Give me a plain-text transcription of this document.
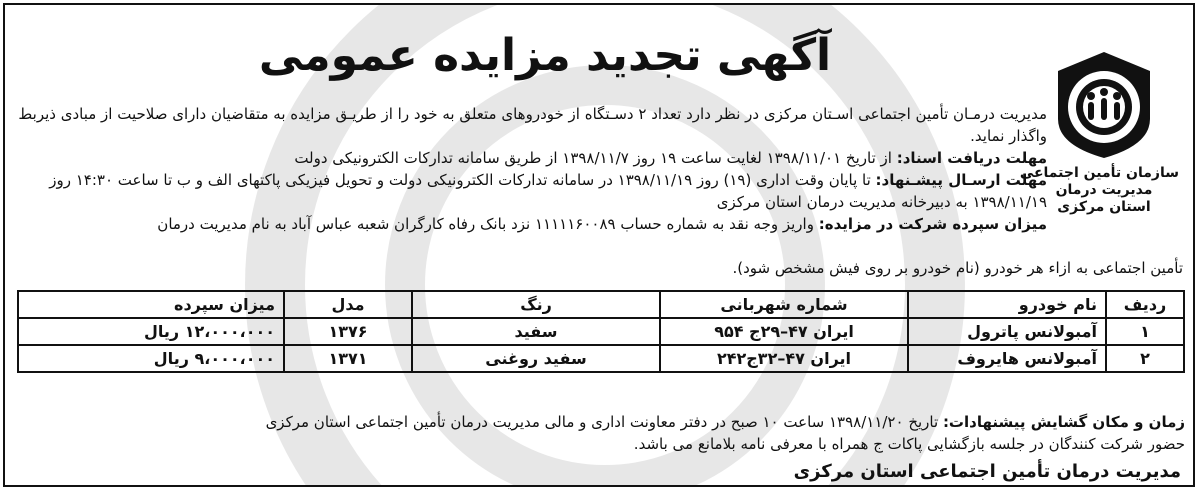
سازمان تأمین اجتماعی
مدیریت درمان
استان مرکزی
آگهی تجدید مزایده عمومی

مدیریت درمـان تأمین اجتماعی اسـتان مرکزی در نظر دارد تعداد ۲ دسـتگاه از خودروهای متعلق به خود را از طریـق مزایده به متقاضیان دارای صلاحیت از مبادی ذیربط واگذار نماید.

مهلت دریافت اسناد: از تاریخ ۱۳۹۸/۱۱/۰۱ لغایت ساعت ۱۹ روز ۱۳۹۸/۱۱/۷ از طریق سامانه تدارکات الکترونیکی دولت

مهلت ارسـال پیشـنهاد: تا پایان وقت اداری (۱۹) روز ۱۳۹۸/۱۱/۱۹ در سامانه تدارکات الکترونیکی دولت و تحویل فیزیکی پاکتهای الف و ب تا ساعت ۱۴:۳۰ روز ۱۳۹۸/۱۱/۱۹ به دبیرخانه مدیریت درمان استان مرکزی

میزان سپرده شرکت در مزایده: واریز وجه نقد به شماره حساب ۱۱۱۱۱۶۰۰۸۹ نزد بانک رفاه کارگران شعبه عباس آباد به نام مدیریت درمان

تأمین اجتماعی به ازاء هر خودرو (نام خودرو بر روی فیش مشخص شود).
ردیف	نام خودرو	شماره شهربانی	رنگ	مدل	میزان سپرده
۱	آمبولانس پاترول	ایران ۴۷–۲۹ج ۹۵۴	سفید	۱۳۷۶	۱۲،۰۰۰،۰۰۰ ریال
۲	آمبولانس هایروف	ایران ۴۷–۳۲ج۲۴۲	سفید روغنی	۱۳۷۱	۹،۰۰۰،۰۰۰ ریال

زمان و مکان گشایش پیشنهادات: تاریخ ۱۳۹۸/۱۱/۲۰ ساعت ۱۰ صبح در دفتر معاونت اداری و مالی مدیریت درمان تأمین اجتماعی استان مرکزی

حضور شرکت کنندگان در جلسه بازگشایی پاکات ج همراه با معرفی نامه بلامانع می باشد.

مدیریت درمان تأمین اجتماعی استان مرکزی
